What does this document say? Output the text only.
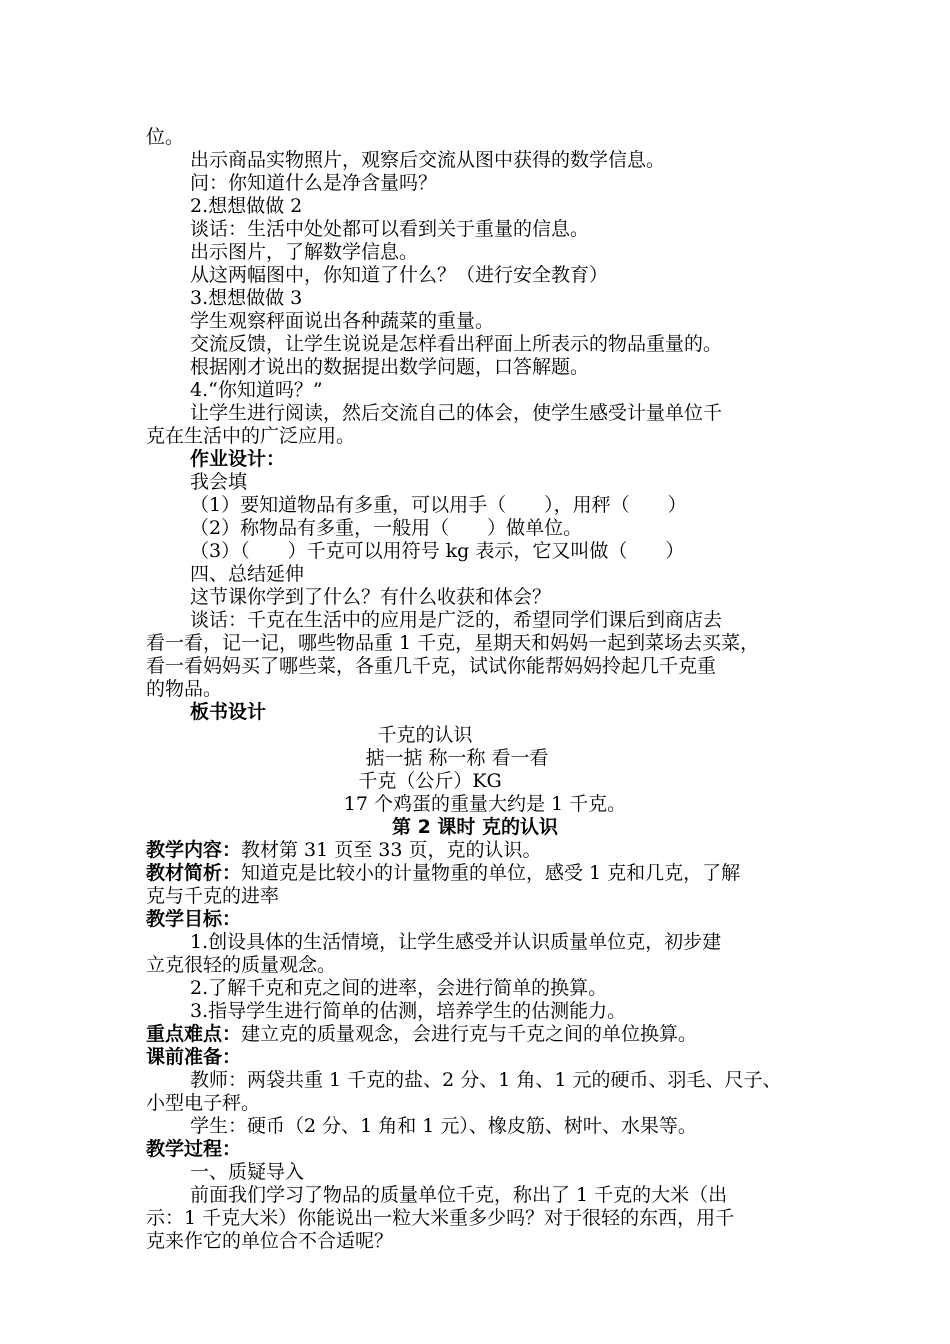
位。
出示商品实物照片，观察后交流从图中获得的数学信息。
问：你知道什么是净含量吗？
2.想想做做 2
谈话：生活中处处都可以看到关于重量的信息。
出示图片，了解数学信息。
从这两幅图中，你知道了什么？（进行安全教育）
3.想想做做 3
学生观察秤面说出各种蔬菜的重量。
交流反馈，让学生说说是怎样看出秤面上所表示的物品重量的。
根据刚才说出的数据提出数学问题，口答解题。
4.“你知道吗？”
让学生进行阅读，然后交流自己的体会，使学生感受计量单位千
克在生活中的广泛应用。
作业设计：
我会填
（1）要知道物品有多重，可以用手（　　），用秤（　　）
（2）称物品有多重，一般用（　　）做单位。
（3）（　　）千克可以用符号 kg 表示，它又叫做（　　）
四、总结延伸
这节课你学到了什么？有什么收获和体会？
谈话：千克在生活中的应用是广泛的，希望同学们课后到商店去
看一看，记一记，哪些物品重 1 千克，星期天和妈妈一起到菜场去买菜，
看一看妈妈买了哪些菜，各重几千克，试试你能帮妈妈拎起几千克重
的物品。
板书设计
千克的认识
掂一掂 称一称 看一看
千克（公斤）KG
17 个鸡蛋的重量大约是 1 千克。
第 2 课时 克的认识
教学内容：教材第 31 页至 33 页，克的认识。
教材简析：知道克是比较小的计量物重的单位，感受 1 克和几克，了解
克与千克的进率
教学目标：
1.创设具体的生活情境，让学生感受并认识质量单位克，初步建
立克很轻的质量观念。
2.了解千克和克之间的进率，会进行简单的换算。
3.指导学生进行简单的估测，培养学生的估测能力。
重点难点：建立克的质量观念，会进行克与千克之间的单位换算。
课前准备：
教师：两袋共重 1 千克的盐、2 分、1 角、1 元的硬币、羽毛、尺子、
小型电子秤。
学生：硬币（2 分、1 角和 1 元）、橡皮筋、树叶、水果等。
教学过程：
一、质疑导入
前面我们学习了物品的质量单位千克，称出了 1 千克的大米（出
示：1 千克大米）你能说出一粒大米重多少吗？对于很轻的东西，用千
克来作它的单位合不合适呢？
